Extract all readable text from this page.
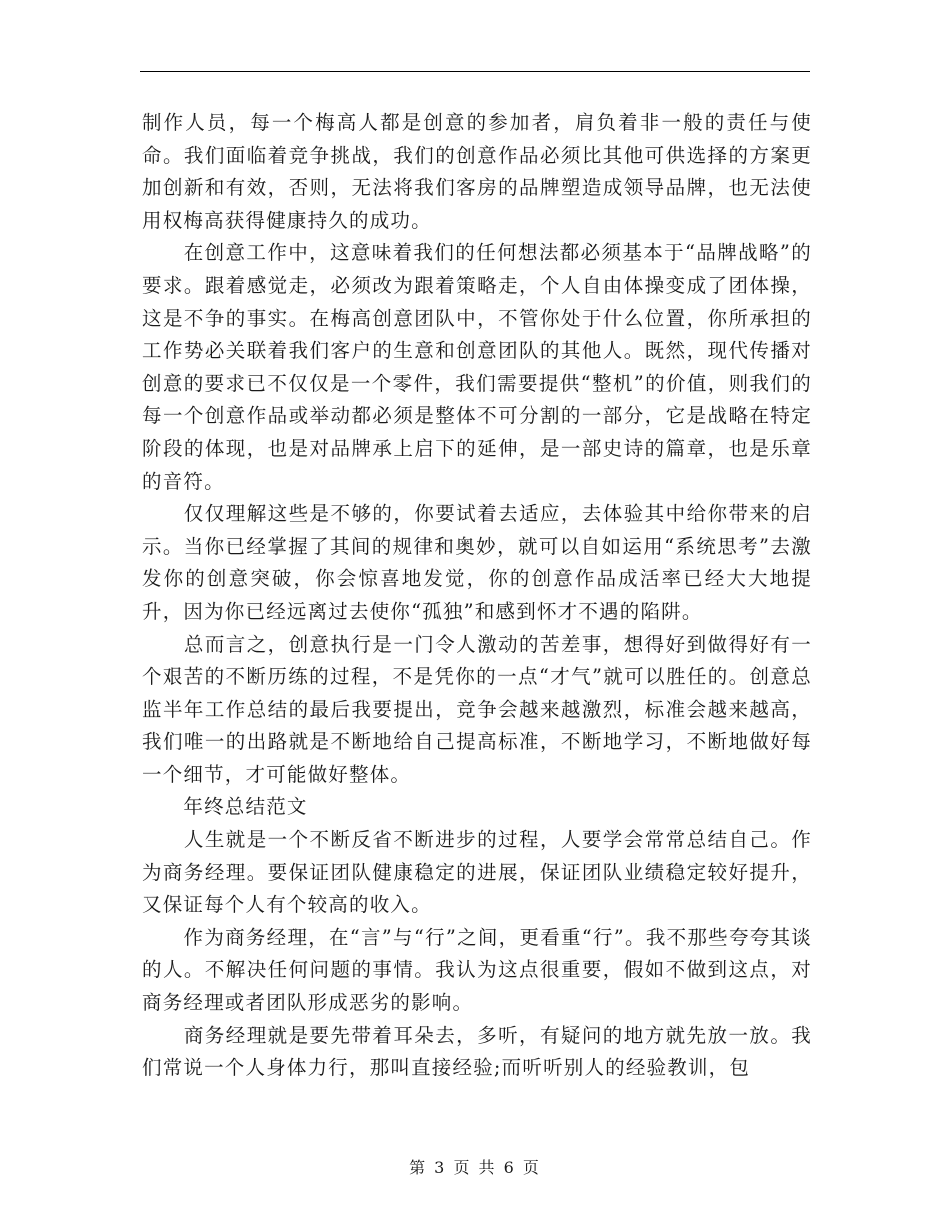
制作人员，每一个梅高人都是创意的参加者，肩负着非一般的责任与使命。我们面临着竞争挑战，我们的创意作品必须比其他可供选择的方案更加创新和有效，否则，无法将我们客房的品牌塑造成领导品牌，也无法使用权梅高获得健康持久的成功。

　　在创意工作中，这意味着我们的任何想法都必须基本于“品牌战略”的要求。跟着感觉走，必须改为跟着策略走，个人自由体操变成了团体操，这是不争的事实。在梅高创意团队中，不管你处于什么位置，你所承担的工作势必关联着我们客户的生意和创意团队的其他人。既然，现代传播对创意的要求已不仅仅是一个零件，我们需要提供“整机”的价值，则我们的每一个创意作品或举动都必须是整体不可分割的一部分，它是战略在特定阶段的体现，也是对品牌承上启下的延伸，是一部史诗的篇章，也是乐章的音符。

　　仅仅理解这些是不够的，你要试着去适应，去体验其中给你带来的启示。当你已经掌握了其间的规律和奥妙，就可以自如运用“系统思考”去激发你的创意突破，你会惊喜地发觉，你的创意作品成活率已经大大地提升，因为你已经远离过去使你“孤独”和感到怀才不遇的陷阱。

　　总而言之，创意执行是一门令人激动的苦差事，想得好到做得好有一个艰苦的不断历练的过程，不是凭你的一点“才气”就可以胜任的。创意总监半年工作总结的最后我要提出，竞争会越来越激烈，标准会越来越高，我们唯一的出路就是不断地给自己提高标准，不断地学习，不断地做好每一个细节，才可能做好整体。

　　年终总结范文

　　人生就是一个不断反省不断进步的过程，人要学会常常总结自己。作为商务经理。要保证团队健康稳定的进展，保证团队业绩稳定较好提升，又保证每个人有个较高的收入。

　　作为商务经理，在“言”与“行”之间，更看重“行”。我不那些夸夸其谈的人。不解决任何问题的事情。我认为这点很重要，假如不做到这点，对商务经理或者团队形成恶劣的影响。

　　商务经理就是要先带着耳朵去，多听，有疑问的地方就先放一放。我们常说一个人身体力行，那叫直接经验;而听听别人的经验教训，包

第 3 页 共 6 页
